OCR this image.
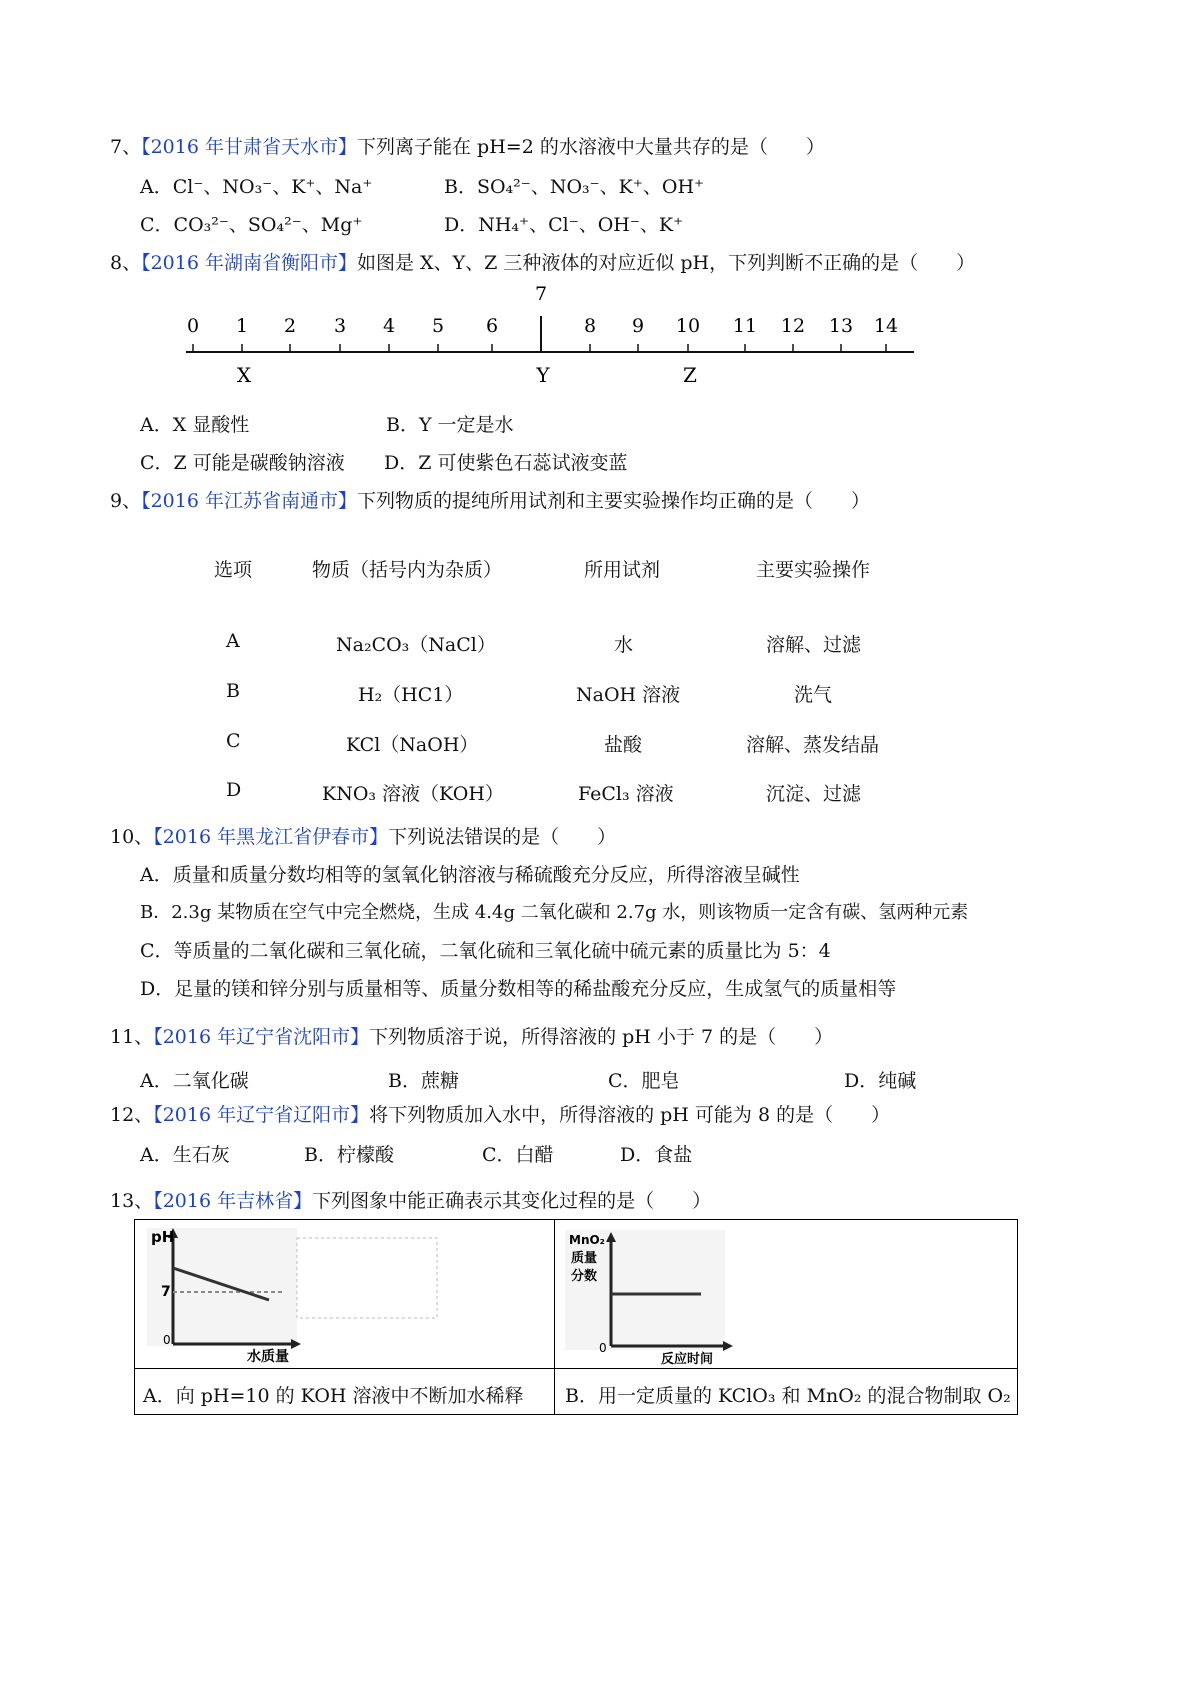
7、【2016 年甘肃省天水市】下列离子能在 pH=2 的水溶液中大量共存的是（　　）
A．Cl⁻、NO₃⁻、K⁺、Na⁺	B．SO₄²⁻、NO₃⁻、K⁺、OH⁺
C．CO₃²⁻、SO₄²⁻、Mg⁺	D．NH₄⁺、Cl⁻、OH⁻、K⁺
8、【2016 年湖南省衡阳市】如图是 X、Y、Z 三种液体的对应近似 pH，下列判断不正确的是（　　）
0 1 2 3 4 5 6
7
8 9 10 11 12 13 14
X	Y	Z
A．X 显酸性	B．Y 一定是水
C．Z 可能是碳酸钠溶液 D．Z 可使紫色石蕊试液变蓝
9、【2016 年江苏省南通市】下列物质的提纯所用试剂和主要实验操作均正确的是（　　）
选项	物质（括号内为杂质）	所用试剂	主要实验操作
A	Na₂CO₃（NaCl）	水	溶解、过滤
B	H₂（HC1）	NaOH 溶液	洗气
C	KCl（NaOH）	盐酸	溶解、蒸发结晶
D	KNO₃ 溶液（KOH）	FeCl₃ 溶液	沉淀、过滤
10、【2016 年黑龙江省伊春市】下列说法错误的是（　　）
A．质量和质量分数均相等的氢氧化钠溶液与稀硫酸充分反应，所得溶液呈碱性
B．2.3g 某物质在空气中完全燃烧，生成 4.4g 二氧化碳和 2.7g 水，则该物质一定含有碳、氢两种元素
C．等质量的二氧化碳和三氧化硫，二氧化硫和三氧化硫中硫元素的质量比为 5：4
D．足量的镁和锌分别与质量相等、质量分数相等的稀盐酸充分反应，生成氢气的质量相等
11、【2016 年辽宁省沈阳市】下列物质溶于说，所得溶液的 pH 小于 7 的是（　　）
A．二氧化碳	B．蔗糖	C．肥皂	D．纯碱
12、【2016 年辽宁省辽阳市】将下列物质加入水中，所得溶液的 pH 可能为 8 的是（　　）
A．生石灰	B．柠檬酸	C．白醋	D．食盐
13、【2016 年吉林省】下列图象中能正确表示其变化过程的是（　　）
pH
7
0
水质量
MnO₂
质量
分数
0
反应时间
A．向 pH=10 的 KOH 溶液中不断加水稀释	B．用一定质量的 KClO₃ 和 MnO₂ 的混合物制取 O₂
